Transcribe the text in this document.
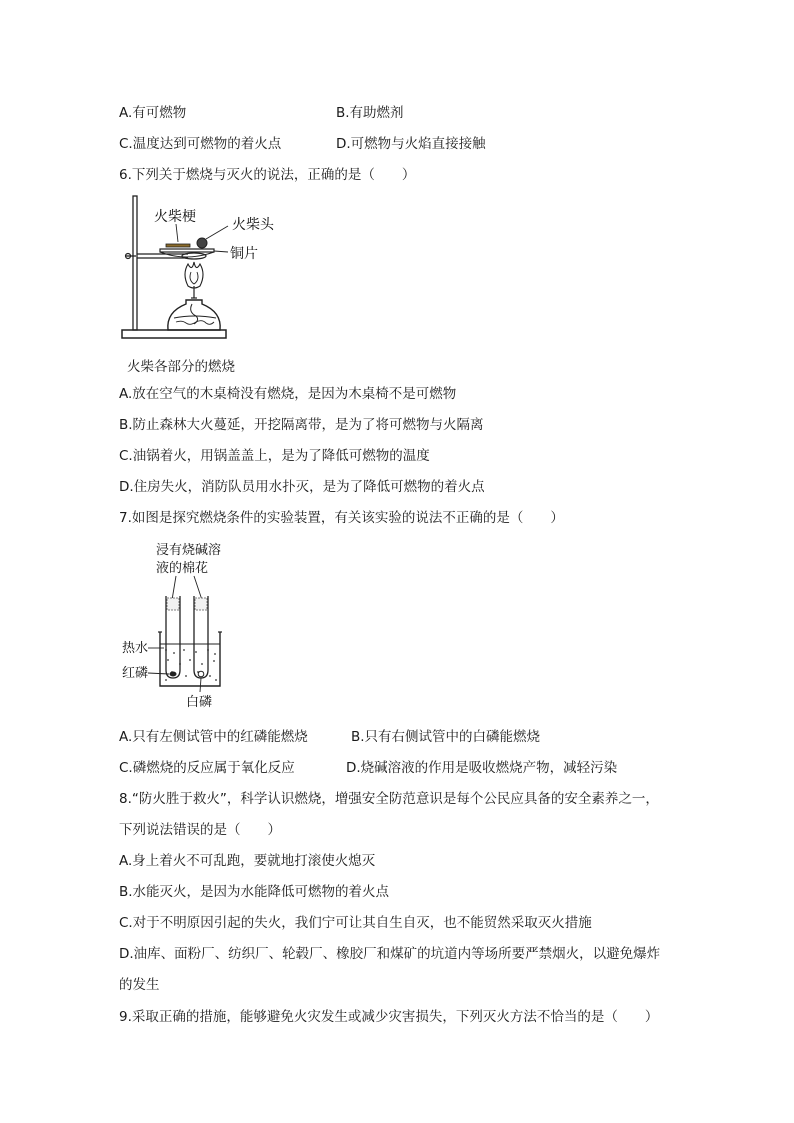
A.有可燃物	B.有助燃剂
C.温度达到可燃物的着火点	D.可燃物与火焰直接接触
6.下列关于燃烧与灭火的说法，正确的是（　　）
火柴梗	火柴头
铜片
火柴各部分的燃烧
A.放在空气的木桌椅没有燃烧，是因为木桌椅不是可燃物
B.防止森林大火蔓延，开挖隔离带，是为了将可燃物与火隔离
C.油锅着火，用锅盖盖上，是为了降低可燃物的温度
D.住房失火，消防队员用水扑灭，是为了降低可燃物的着火点
7.如图是探究燃烧条件的实验装置，有关该实验的说法不正确的是（　　）
浸有烧碱溶
液的棉花
热水
红磷
白磷
A.只有左侧试管中的红磷能燃烧	B.只有右侧试管中的白磷能燃烧
C.磷燃烧的反应属于氧化反应	D.烧碱溶液的作用是吸收燃烧产物，减轻污染
8.“防火胜于救火”，科学认识燃烧，增强安全防范意识是每个公民应具备的安全素养之一，
下列说法错误的是（　　）
A.身上着火不可乱跑，要就地打滚使火熄灭
B.水能灭火，是因为水能降低可燃物的着火点
C.对于不明原因引起的失火，我们宁可让其自生自灭，也不能贸然采取灭火措施
D.油库、面粉厂、纺织厂、轮毂厂、橡胶厂和煤矿的坑道内等场所要严禁烟火，以避免爆炸
的发生
9.采取正确的措施，能够避免火灾发生或减少灾害损失，下列灭火方法不恰当的是（　　）
